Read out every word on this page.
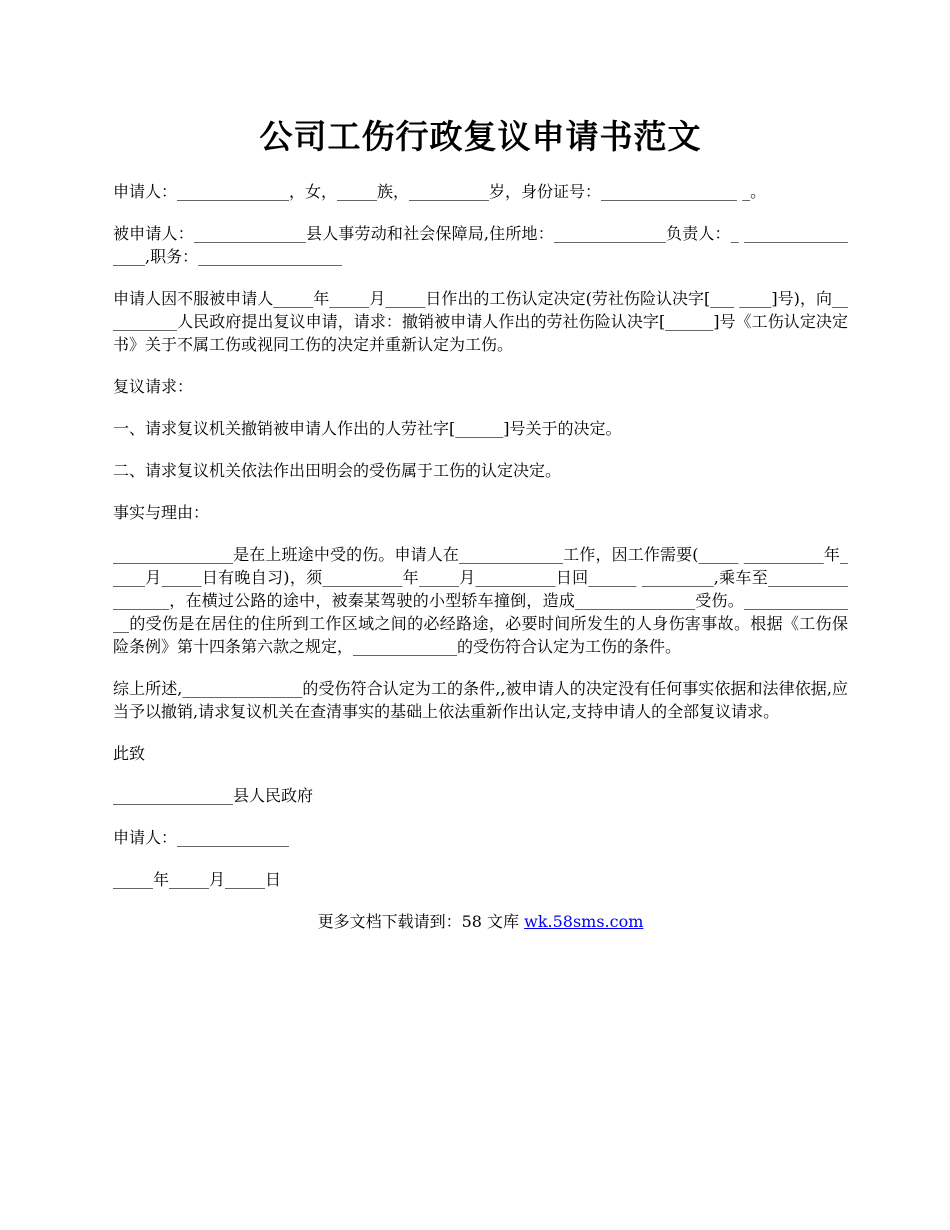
公司工伤行政复议申请书范文

申请人：______________，女，_____族，__________岁，身份证号：_________________ _。

被申请人：______________县人事劳动和社会保障局,住所地：______________负责人：_ _________________,职务：__________________

申请人因不服被申请人_____年_____月_____日作出的工伤认定决定(劳社伤险认决字[___ ____]号)，向__________人民政府提出复议申请，请求：撤销被申请人作出的劳社伤险认决字[______]号《工伤认定决定书》关于不属工伤或视同工伤的决定并重新认定为工伤。

复议请求：

一、请求复议机关撤销被申请人作出的人劳社字[______]号关于的决定。

二、请求复议机关依法作出田明会的受伤属于工伤的认定决定。

事实与理由：

_______________是在上班途中受的伤。申请人在_____________工作，因工作需要(_____ __________年_____月_____日有晚自习)，须__________年_____月__________日回______ _________,乘车至_________________，在横过公路的途中，被秦某驾驶的小型轿车撞倒，造成_______________受伤。_______________的受伤是在居住的住所到工作区域之间的必经路途，必要时间所发生的人身伤害事故。根据《工伤保险条例》第十四条第六款之规定，_____________的受伤符合认定为工伤的条件。

综上所述,_______________的受伤符合认定为工的条件,,被申请人的决定没有任何事实依据和法律依据,应当予以撤销,请求复议机关在查清事实的基础上依法重新作出认定,支持申请人的全部复议请求。

此致

_______________县人民政府

申请人：______________

_____年_____月_____日

更多文档下载请到：58 文库 wk.58sms.com
